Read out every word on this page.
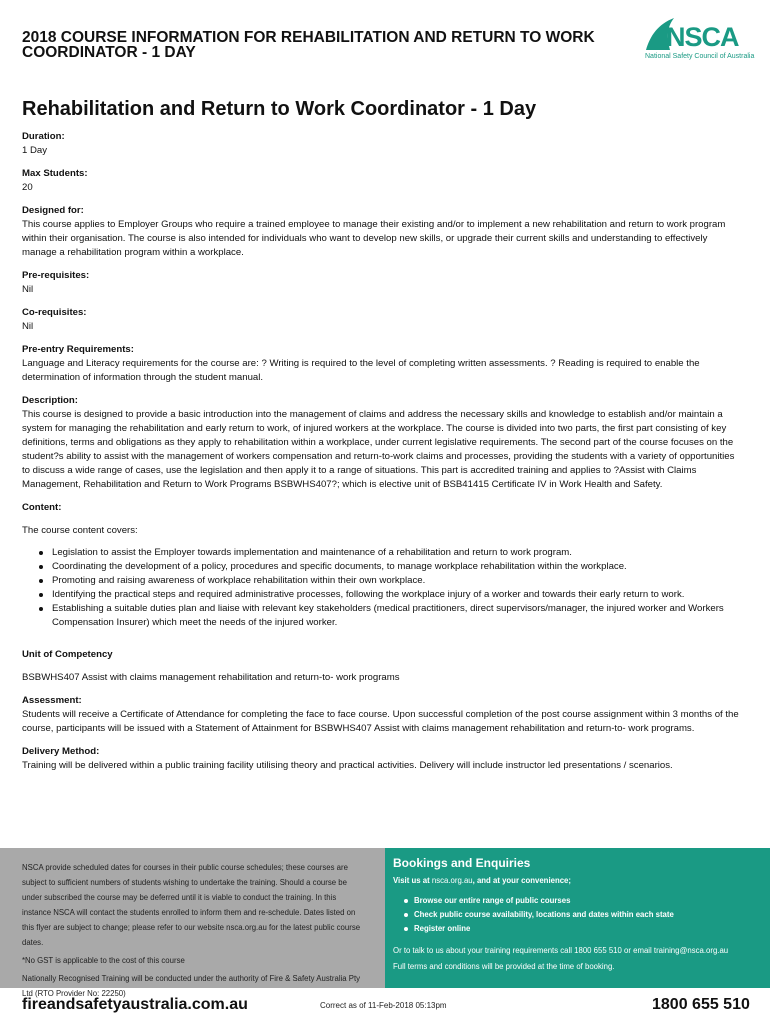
2018 COURSE INFORMATION FOR REHABILITATION AND RETURN TO WORK COORDINATOR - 1 DAY
NSCA
National Safety Council of Australia
Rehabilitation and Return to Work Coordinator - 1 Day
Duration:
1 Day
Max Students:
20
Designed for:
This course applies to Employer Groups who require a trained employee to manage their existing and/or to implement a new rehabilitation and return to work program within their organisation. The course is also intended for individuals who want to develop new skills, or upgrade their current skills and understanding to effectively manage a rehabilitation program within a workplace.
Pre-requisites:
Nil
Co-requisites:
Nil
Pre-entry Requirements:
Language and Literacy requirements for the course are: ? Writing is required to the level of completing written assessments. ? Reading is required to enable the determination of information through the student manual.
Description:
This course is designed to provide a basic introduction into the management of claims and address the necessary skills and knowledge to establish and/or maintain a system for managing the rehabilitation and early return to work, of injured workers at the workplace. The course is divided into two parts, the first part consisting of key definitions, terms and obligations as they apply to rehabilitation within a workplace, under current legislative requirements. The second part of the course focuses on the student?s ability to assist with the management of workers compensation and return-to-work claims and processes, providing the students with a variety of opportunities to discuss a wide range of cases, use the legislation and then apply it to a range of situations. This part is accredited training and applies to ?Assist with Claims Management, Rehabilitation and Return to Work Programs BSBWHS407?; which is elective unit of BSB41415 Certificate IV in Work Health and Safety.
Content:
The course content covers:
Legislation to assist the Employer towards implementation and maintenance of a rehabilitation and return to work program.
Coordinating the development of a policy, procedures and specific documents, to manage workplace rehabilitation within the workplace.
Promoting and raising awareness of workplace rehabilitation within their own workplace.
Identifying the practical steps and required administrative processes, following the workplace injury of a worker and towards their early return to work.
Establishing a suitable duties plan and liaise with relevant key stakeholders (medical practitioners, direct supervisors/manager, the injured worker and Workers Compensation Insurer) which meet the needs of the injured worker.
Unit of Competency
BSBWHS407 Assist with claims management rehabilitation and return-to- work programs
Assessment:
Students will receive a Certificate of Attendance for completing the face to face course. Upon successful completion of the post course assignment within 3 months of the course, participants will be issued with a Statement of Attainment for BSBWHS407 Assist with claims management rehabilitation and return-to- work programs.
Delivery Method:
Training will be delivered within a public training facility utilising theory and practical activities. Delivery will include instructor led presentations / scenarios.

NSCA provide scheduled dates for courses in their public course schedules; these courses are subject to sufficient numbers of students wishing to undertake the training. Should a course be under subscribed the course may be deferred until it is viable to conduct the training. In this instance NSCA will contact the students enrolled to inform them and re-schedule. Dates listed on this flyer are subject to change; please refer to our website nsca.org.au for the latest public course dates.

*No GST is applicable to the cost of this course

Nationally Recognised Training will be conducted under the authority of Fire & Safety Australia Pty Ltd (RTO Provider No: 22250)

Bookings and Enquiries
Visit us at nsca.org.au, and at your convenience;
Browse our entire range of public courses
Check public course availability, locations and dates within each state
Register online
Or to talk to us about your training requirements call 1800 655 510 or email training@nsca.org.au
Full terms and conditions will be provided at the time of booking.
fireandsafetyaustralia.com.au	Correct as of 11-Feb-2018 05:13pm	1800 655 510
